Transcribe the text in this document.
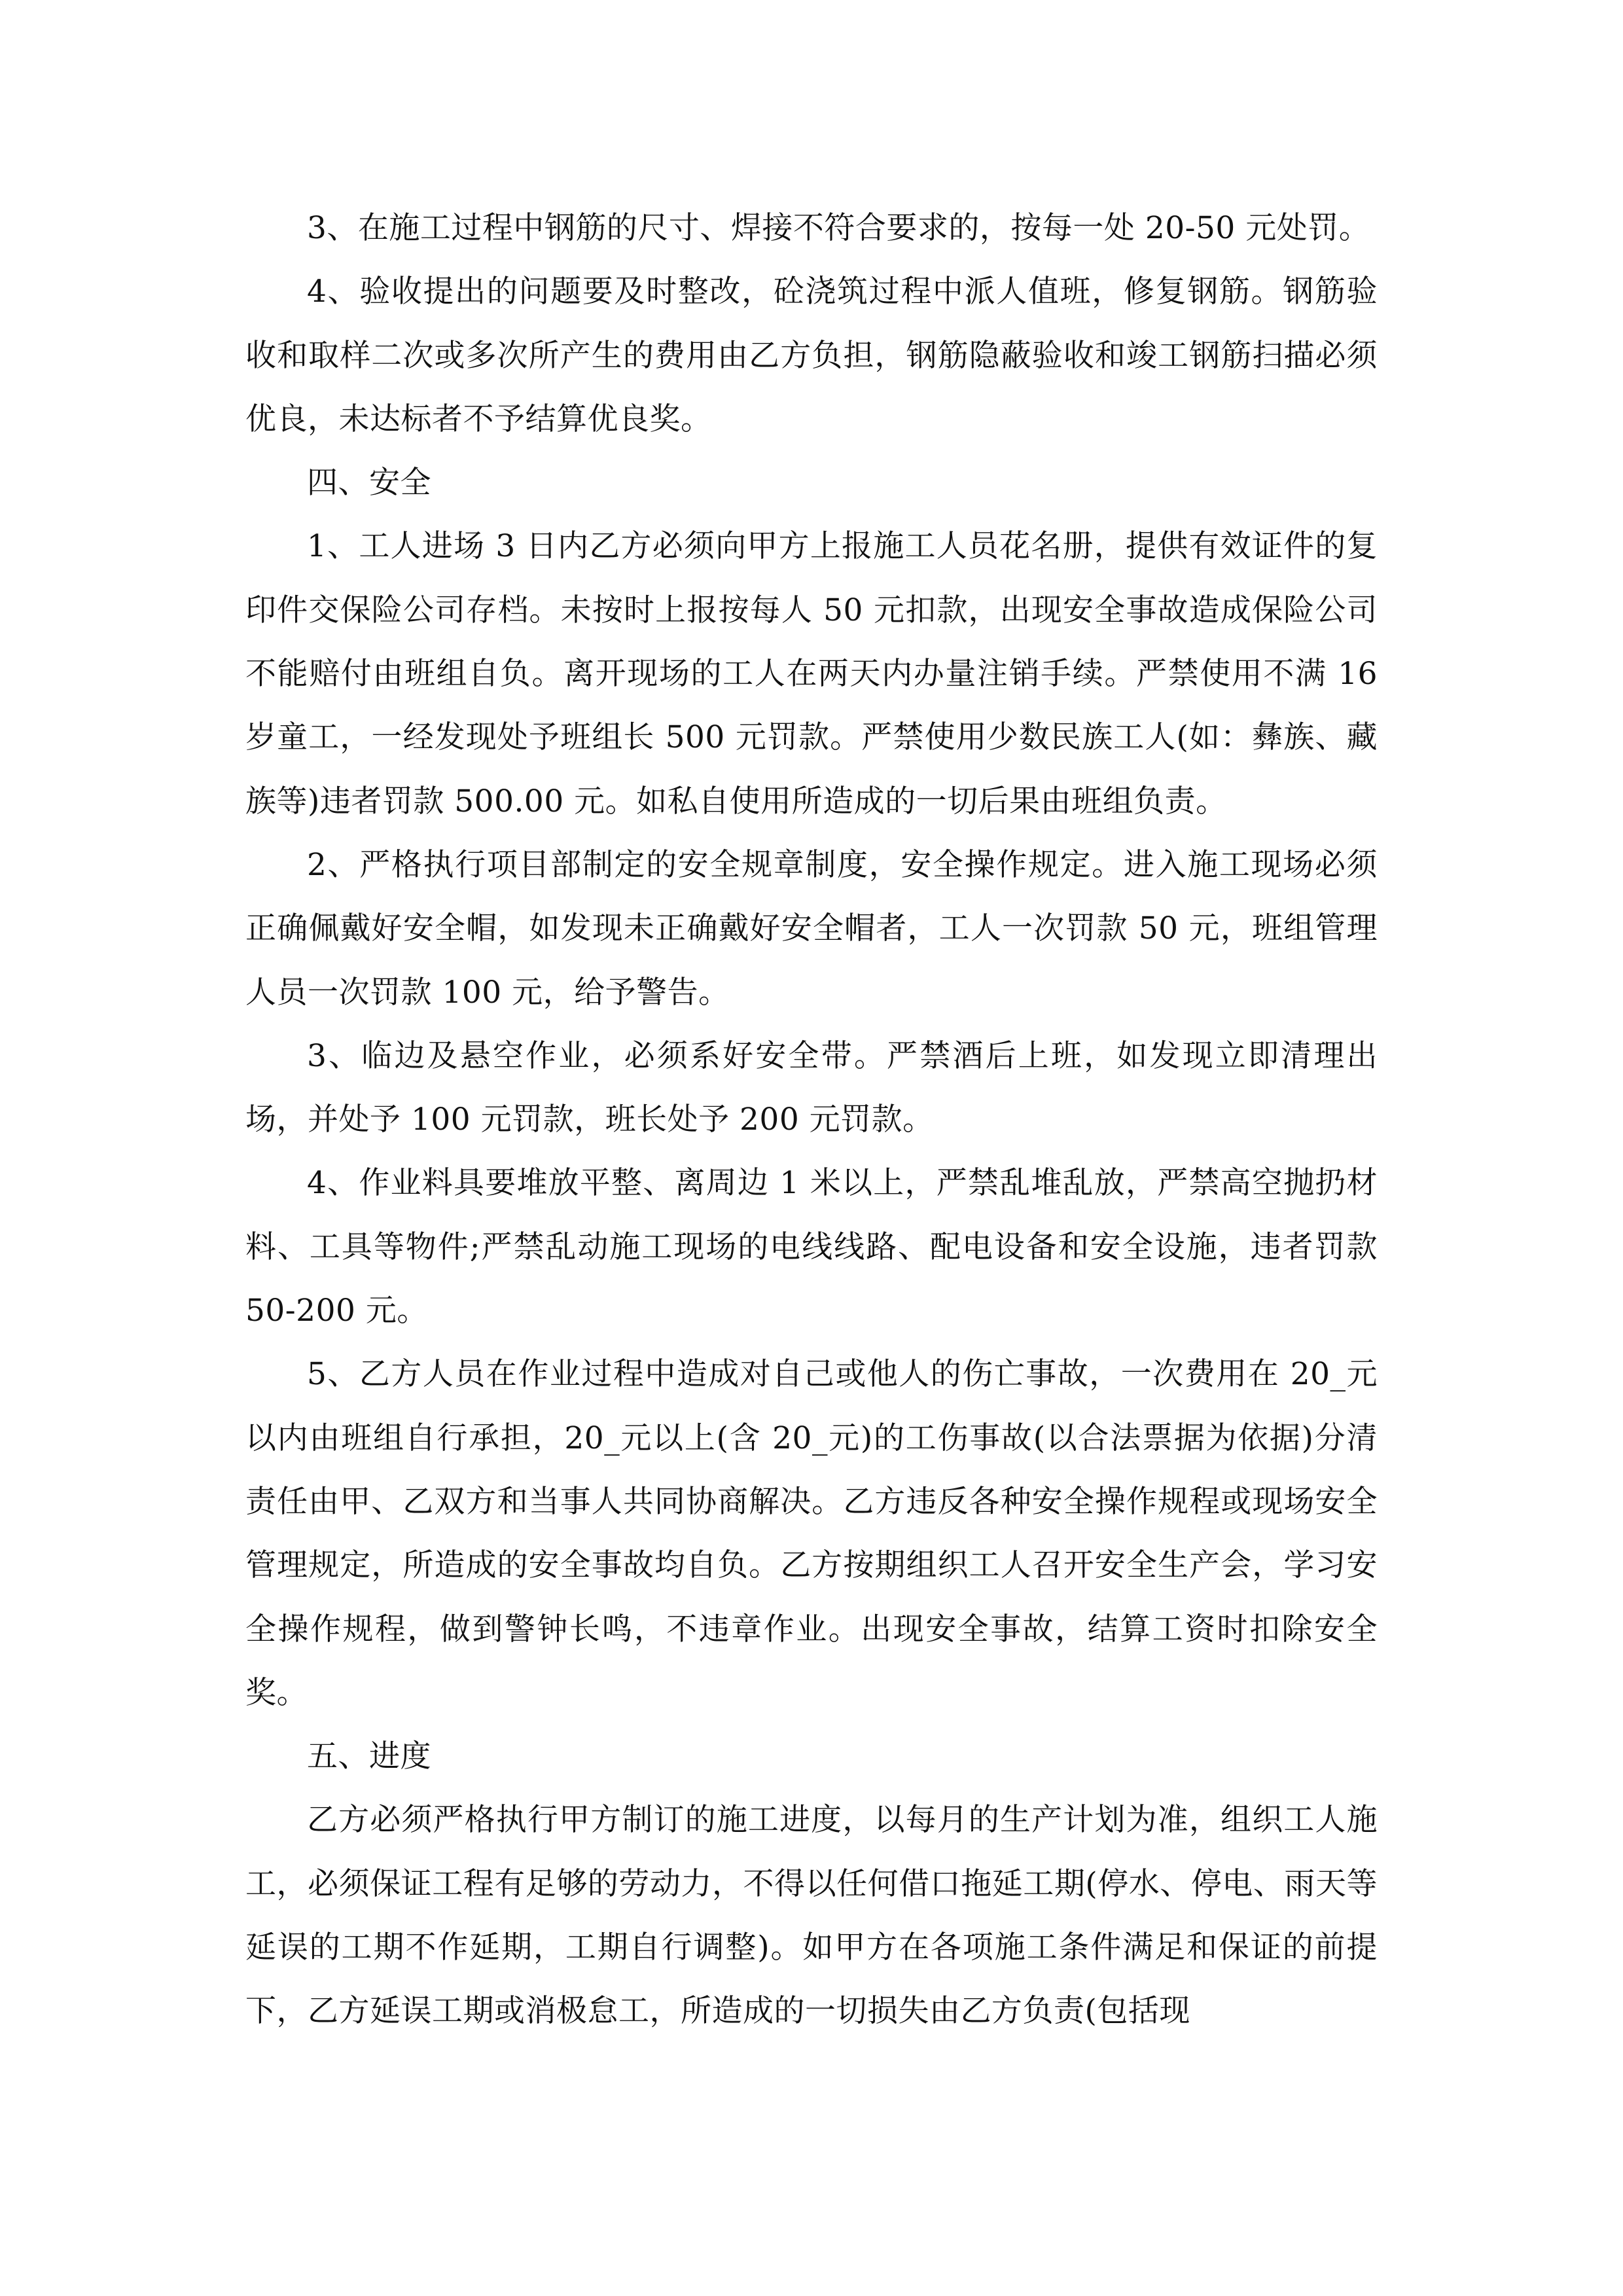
3、在施工过程中钢筋的尺寸、焊接不符合要求的，按每一处 20-50 元处罚。

4、验收提出的问题要及时整改，砼浇筑过程中派人值班，修复钢筋。钢筋验收和取样二次或多次所产生的费用由乙方负担，钢筋隐蔽验收和竣工钢筋扫描必须优良，未达标者不予结算优良奖。

四、安全

1、工人进场 3 日内乙方必须向甲方上报施工人员花名册，提供有效证件的复印件交保险公司存档。未按时上报按每人 50 元扣款，出现安全事故造成保险公司不能赔付由班组自负。离开现场的工人在两天内办量注销手续。严禁使用不满 16 岁童工，一经发现处予班组长 500 元罚款。严禁使用少数民族工人(如：彝族、藏族等)违者罚款 500.00 元。如私自使用所造成的一切后果由班组负责。

2、严格执行项目部制定的安全规章制度，安全操作规定。进入施工现场必须正确佩戴好安全帽，如发现未正确戴好安全帽者，工人一次罚款 50 元，班组管理人员一次罚款 100 元，给予警告。

3、临边及悬空作业，必须系好安全带。严禁酒后上班，如发现立即清理出场，并处予 100 元罚款，班长处予 200 元罚款。

4、作业料具要堆放平整、离周边 1 米以上，严禁乱堆乱放，严禁高空抛扔材料、工具等物件;严禁乱动施工现场的电线线路、配电设备和安全设施，违者罚款 50-200 元。

5、乙方人员在作业过程中造成对自己或他人的伤亡事故，一次费用在 20_元以内由班组自行承担，20_元以上(含 20_元)的工伤事故(以合法票据为依据)分清责任由甲、乙双方和当事人共同协商解决。乙方违反各种安全操作规程或现场安全管理规定，所造成的安全事故均自负。乙方按期组织工人召开安全生产会，学习安全操作规程，做到警钟长鸣，不违章作业。出现安全事故，结算工资时扣除安全奖。

五、进度

乙方必须严格执行甲方制订的施工进度，以每月的生产计划为准，组织工人施工，必须保证工程有足够的劳动力，不得以任何借口拖延工期(停水、停电、雨天等延误的工期不作延期，工期自行调整)。如甲方在各项施工条件满足和保证的前提下，乙方延误工期或消极怠工，所造成的一切损失由乙方负责(包括现
